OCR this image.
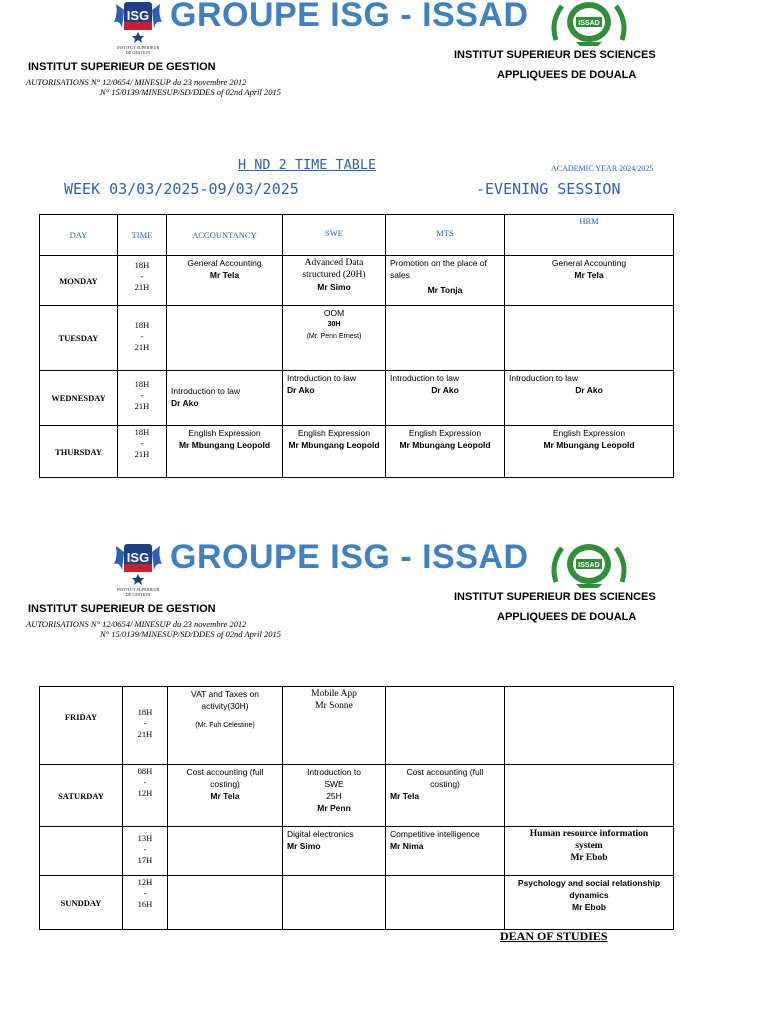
ISG
INSTITUT SUPERIEUR
DE GESTION
GROUPE ISG - ISSAD	ISSAD
INSTITUT SUPERIEUR DE GESTION
AUTORISATIONS N° 12/0654/ MINESUP du 23 novembre 2012
N° 15/0139/MINESUP/SD/DDES of 02nd April 2015
INSTITUT SUPERIEUR DES SCIENCES
APPLIQUEES DE DOUALA
H ND 2 TIME TABLE	ACADEMIC YEAR 2024/2025
WEEK 03/03/2025-09/03/2025	-EVENING SESSION
DAY	TIME	ACCOUNTANCY	SWE	MTS	HRM
MONDAY	18H
-
21H	General Accounting
Mr Tela	Advanced Data structured (20H)
Mr Simo	Promotion on the place of sales
Mr Tonja	General Accounting
Mr Tela

TUESDAY	18H
-
21H		OOM
30H
(Mr. Penn Ernest)		

WEDNESDAY	18H
-
21H	Introduction to law
Dr Ako	Introduction to law
Dr Ako	Introduction to law
Dr Ako	Introduction to law
Dr Ako

THURSDAY	18H
-
21H	English Expression
Mr Mbungang Leopold	English Expression
Mr Mbungang Leopold	English Expression
Mr Mbungang Leopold	English Expression
Mr Mbungang Leopold
ISG
INSTITUT SUPERIEUR
DE GESTION
GROUPE ISG - ISSAD	ISSAD
INSTITUT SUPERIEUR DE GESTION
AUTORISATIONS N° 12/0654/ MINESUP du 23 novembre 2012
N° 15/0139/MINESUP/SD/DDES of 02nd April 2015
INSTITUT SUPERIEUR DES SCIENCES
APPLIQUEES DE DOUALA
FRIDAY	18H
-
21H	VAT and Taxes on activity(30H)
(Mr. Fuh Celestine)	Mobile App
Mr Sonne		

SATURDAY	08H
-
12H	Cost accounting (full costing)
Mr Tela	Introduction to SWE
25H
Mr Penn	Cost accounting (full costing)
Mr Tela	

	13H
-
17H		Digital electronics
Mr Simo	Competitive intelligence
Mr Nima	Human resource information system
Mr Ebob

SUNDDAY	12H
-
16H				Psychology and social relationship dynamics
Mr Ebob
DEAN OF STUDIES
